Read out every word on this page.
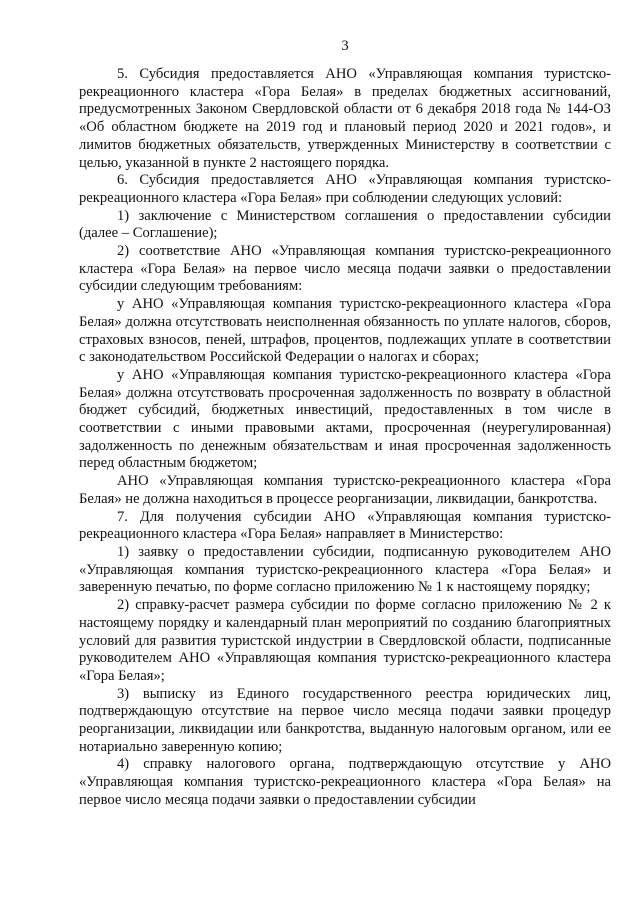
3

5. Субсидия предоставляется АНО «Управляющая компания туристско-рекреационного кластера «Гора Белая» в пределах бюджетных ассигнований, предусмотренных Законом Свердловской области от 6 декабря 2018 года № 144-ОЗ «Об областном бюджете на 2019 год и плановый период 2020 и 2021 годов», и лимитов бюджетных обязательств, утвержденных Министерству в соответствии с целью, указанной в пункте 2 настоящего порядка.

6. Субсидия предоставляется АНО «Управляющая компания туристско-рекреационного кластера «Гора Белая» при соблюдении следующих условий:

1) заключение с Министерством соглашения о предоставлении субсидии (далее – Соглашение);

2) соответствие АНО «Управляющая компания туристско-рекреационного кластера «Гора Белая» на первое число месяца подачи заявки о предоставлении субсидии следующим требованиям:

у АНО «Управляющая компания туристско-рекреационного кластера «Гора Белая» должна отсутствовать неисполненная обязанность по уплате налогов, сборов, страховых взносов, пеней, штрафов, процентов, подлежащих уплате в соответствии с законодательством Российской Федерации о налогах и сборах;

у АНО «Управляющая компания туристско-рекреационного кластера «Гора Белая» должна отсутствовать просроченная задолженность по возврату в областной бюджет субсидий, бюджетных инвестиций, предоставленных в том числе в соответствии с иными правовыми актами, просроченная (неурегулированная) задолженность по денежным обязательствам и иная просроченная задолженность перед областным бюджетом;

АНО «Управляющая компания туристско-рекреационного кластера «Гора Белая» не должна находиться в процессе реорганизации, ликвидации, банкротства.

7. Для получения субсидии АНО «Управляющая компания туристско-рекреационного кластера «Гора Белая» направляет в Министерство:

1) заявку о предоставлении субсидии, подписанную руководителем АНО «Управляющая компания туристско-рекреационного кластера «Гора Белая» и заверенную печатью, по форме согласно приложению № 1 к настоящему порядку;

2) справку-расчет размера субсидии по форме согласно приложению № 2 к настоящему порядку и календарный план мероприятий по созданию благоприятных условий для развития туристской индустрии в Свердловской области, подписанные руководителем АНО «Управляющая компания туристско-рекреационного кластера «Гора Белая»;

3) выписку из Единого государственного реестра юридических лиц, подтверждающую отсутствие на первое число месяца подачи заявки процедур реорганизации, ликвидации или банкротства, выданную налоговым органом, или ее нотариально заверенную копию;

4) справку налогового органа, подтверждающую отсутствие у АНО «Управляющая компания туристско-рекреационного кластера «Гора Белая» на первое число месяца подачи заявки о предоставлении субсидии
